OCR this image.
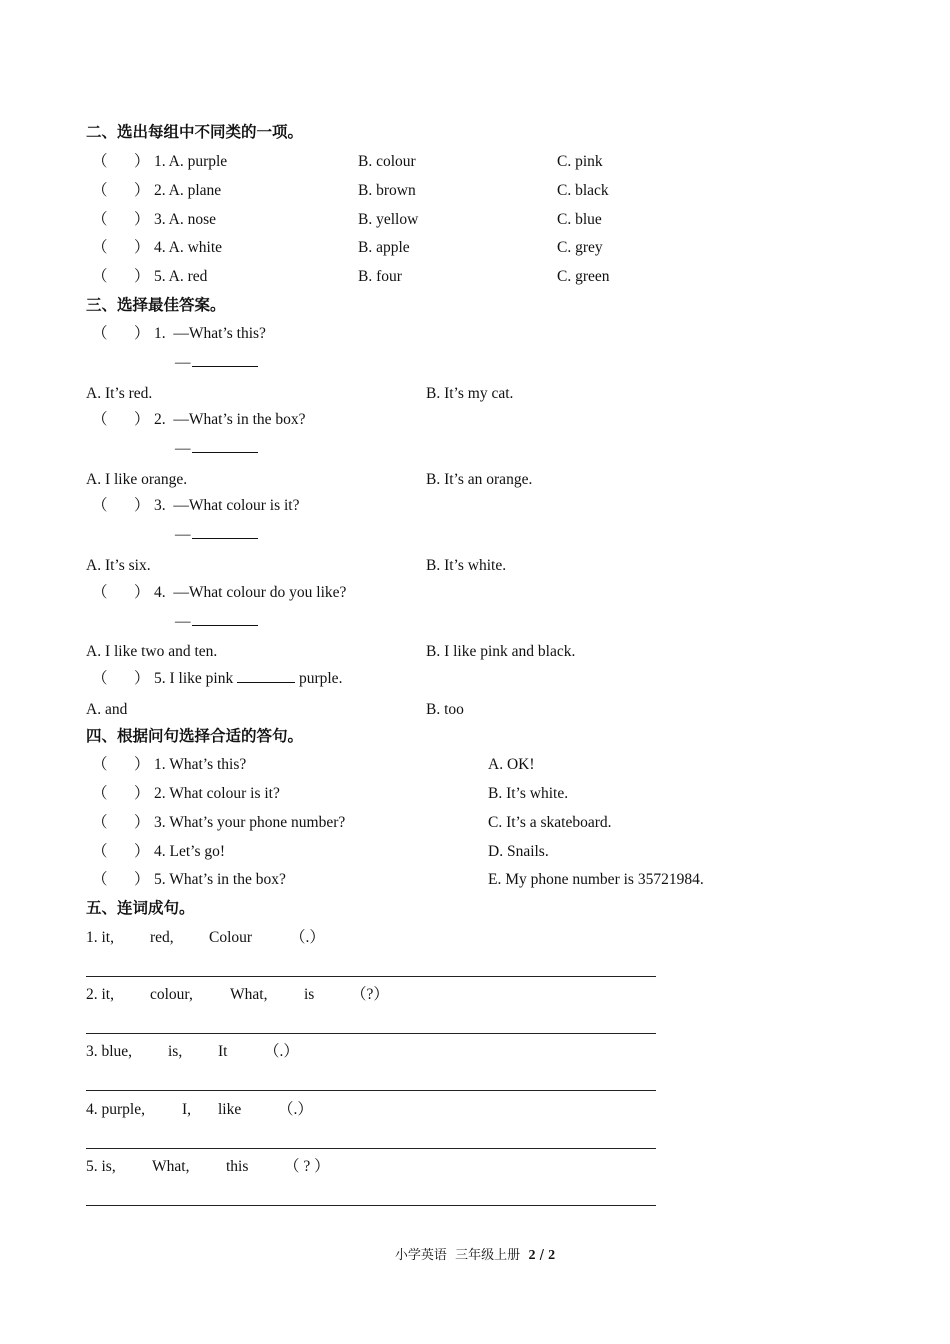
二、选出每组中不同类的一项。
（ ） 1. A. purple	B. colour	C. pink
（ ） 2. A. plane	B. brown	C. black
（ ） 3. A. nose	B. yellow	C. blue
（ ） 4. A. white	B. apple	C. grey
（ ） 5. A. red	B. four	C. green
三、选择最佳答案。
（ ） 1.  —What’s this?
—
A. It’s red.	B. It’s my cat.
（ ） 2.  —What’s in the box?
—
A. I like orange.	B. It’s an orange.
（ ） 3.  —What colour is it?
—
A. It’s six.	B. It’s white.
（ ） 4.  —What colour do you like?
—
A. I like two and ten.	B. I like pink and black.
（ ） 5. I like pink	purple.
A. and	B. too
四、根据问句选择合适的答句。
（ ） 1. What’s this?	A. OK!
（ ） 2. What colour is it?	B. It’s white.
（ ） 3. What’s your phone number?	C. It’s a skateboard.
（ ） 4. Let’s go!	D. Snails.
（ ） 5. What’s in the box?	E. My phone number is 35721984.
五、连词成句。
1. it, red, Colour （.）
2. it, colour, What, is （?）
3. blue, is, It （.）
4. purple, I, like （.）
5. is, What, this （ ? ）
小学英语  三年级上册  2 / 2
